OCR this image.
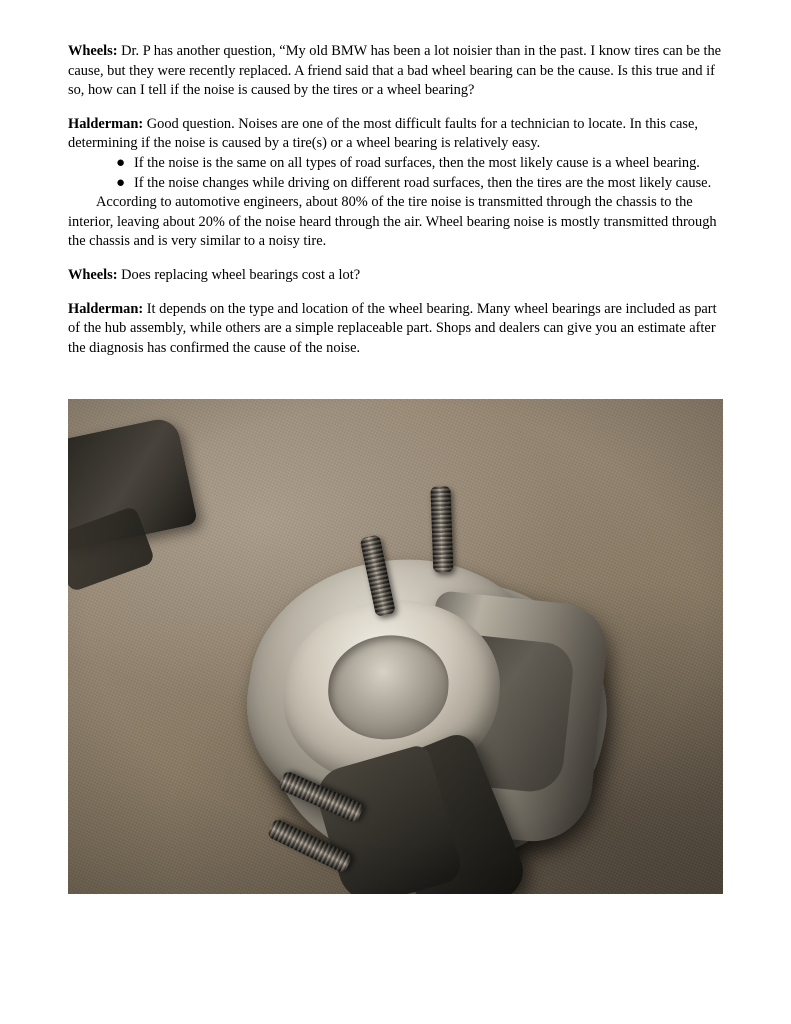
Wheels: Dr. P has another question, “My old BMW has been a lot noisier than in the past. I know tires can be the cause, but they were recently replaced. A friend said that a bad wheel bearing can be the cause. Is this true and if so, how can I tell if the noise is caused by the tires or a wheel bearing?

Halderman: Good question. Noises are one of the most difficult faults for a technician to locate. In this case, determining if the noise is caused by a tire(s) or a wheel bearing is relatively easy.

● If the noise is the same on all types of road surfaces, then the most likely cause is a wheel bearing.
● If the noise changes while driving on different road surfaces, then the tires are the most likely cause.

According to automotive engineers, about 80% of the tire noise is transmitted through the chassis to the interior, leaving about 20% of the noise heard through the air. Wheel bearing noise is mostly transmitted through the chassis and is very similar to a noisy tire.

Wheels: Does replacing wheel bearings cost a lot?

Halderman: It depends on the type and location of the wheel bearing. Many wheel bearings are included as part of the hub assembly, while others are a simple replaceable part. Shops and dealers can give you an estimate after the diagnosis has confirmed the cause of the noise.
